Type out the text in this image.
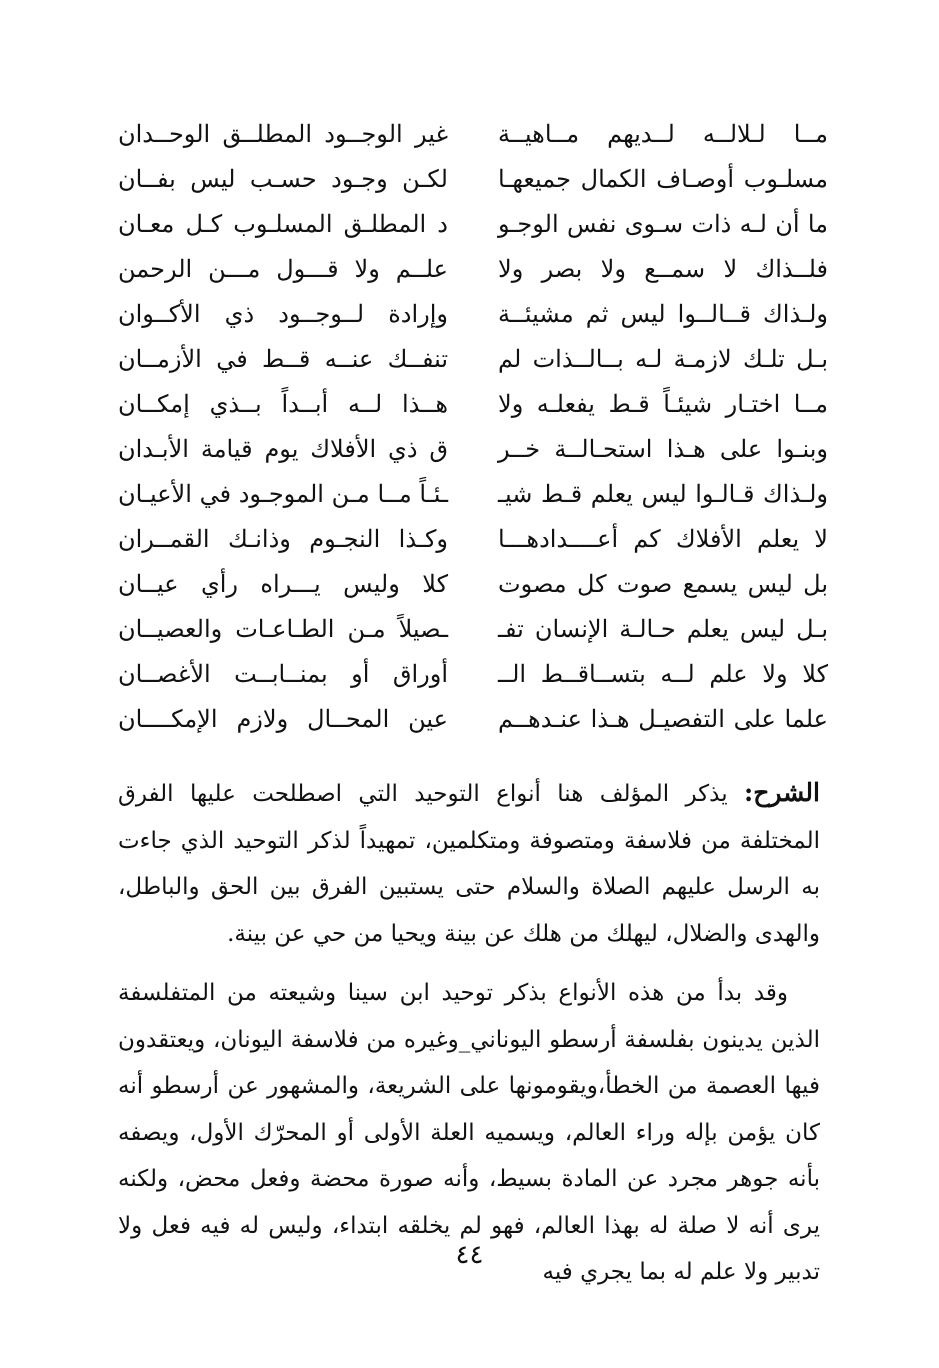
مــا لـلالــه لــديهم مــاهيــة
مسلـوب أوصـاف الكمال جميعهـا
ما أن لـه ذات سـوى نفس الوجـو
فلــذاك لا سمــع ولا بصر ولا
ولـذاك قــالــوا ليس ثم مشيئــة
بـل تلـك لازمـة لـه بــالــذات لم
مــا اختـار شيئـاً قـط يفعلـه ولا
وبنـوا على هـذا استحـالــة خــر
ولـذاك قـالـوا ليس يعلم قـط شيـ
لا يعلم الأفلاك كم أعــــدادهـــا
بل ليس يسمع صوت كل مصوت
بـل ليس يعلم حـالـة الإنسان تفـ
كلا ولا علم لــه بتســاقــط الــ
علما على التفصيـل هـذا عنـدهــم
غير الوجــود المطلــق الوحــدان
لكـن وجـود حسـب ليس بفــان
د المطلـق المسلـوب كـل معـان
علــم ولا قـــول مـــن الرحمن
وإرادة لــوجــود ذي الأكــوان
تنفــك عنــه قــط في الأزمــان
هــذا لــه أبــداً بــذي إمكــان
ق ذي الأفلاك يوم قيامة الأبـدان
ـئـاً مــا مـن الموجـود في الأعيـان
وكـذا النجـوم وذانـك القمــران
كلا وليس يـــراه رأي عيــان
ـصيلاً مـن الطـاعـات والعصيــان
أوراق أو بمنــابــت الأغصــان
عين المحــال ولازم الإمكــــان

الشرح: يذكر المؤلف هنا أنواع التوحيد التي اصطلحت عليها الفرق المختلفة من فلاسفة ومتصوفة ومتكلمين، تمهيداً لذكر التوحيد الذي جاءت به الرسل عليهم الصلاة والسلام حتى يستبين الفرق بين الحق والباطل، والهدى والضلال، ليهلك من هلك عن بينة ويحيا من حي عن بينة.

وقد بدأ من هذه الأنواع بذكر توحيد ابن سينا وشيعته من المتفلسفة الذين يدينون بفلسفة أرسطو اليوناني_وغيره من فلاسفة اليونان، ويعتقدون فيها العصمة من الخطأ،ويقومونها على الشريعة، والمشهور عن أرسطو أنه كان يؤمن بإله وراء العالم، ويسميه العلة الأولى أو المحرّك الأول، ويصفه بأنه جوهر مجرد عن المادة بسيط، وأنه صورة محضة وفعل محض، ولكنه يرى أنه لا صلة له بهذا العالم، فهو لم يخلقه ابتداء، وليس له فيه فعل ولا تدبير ولا علم له بما يجري فيه

٤٤
